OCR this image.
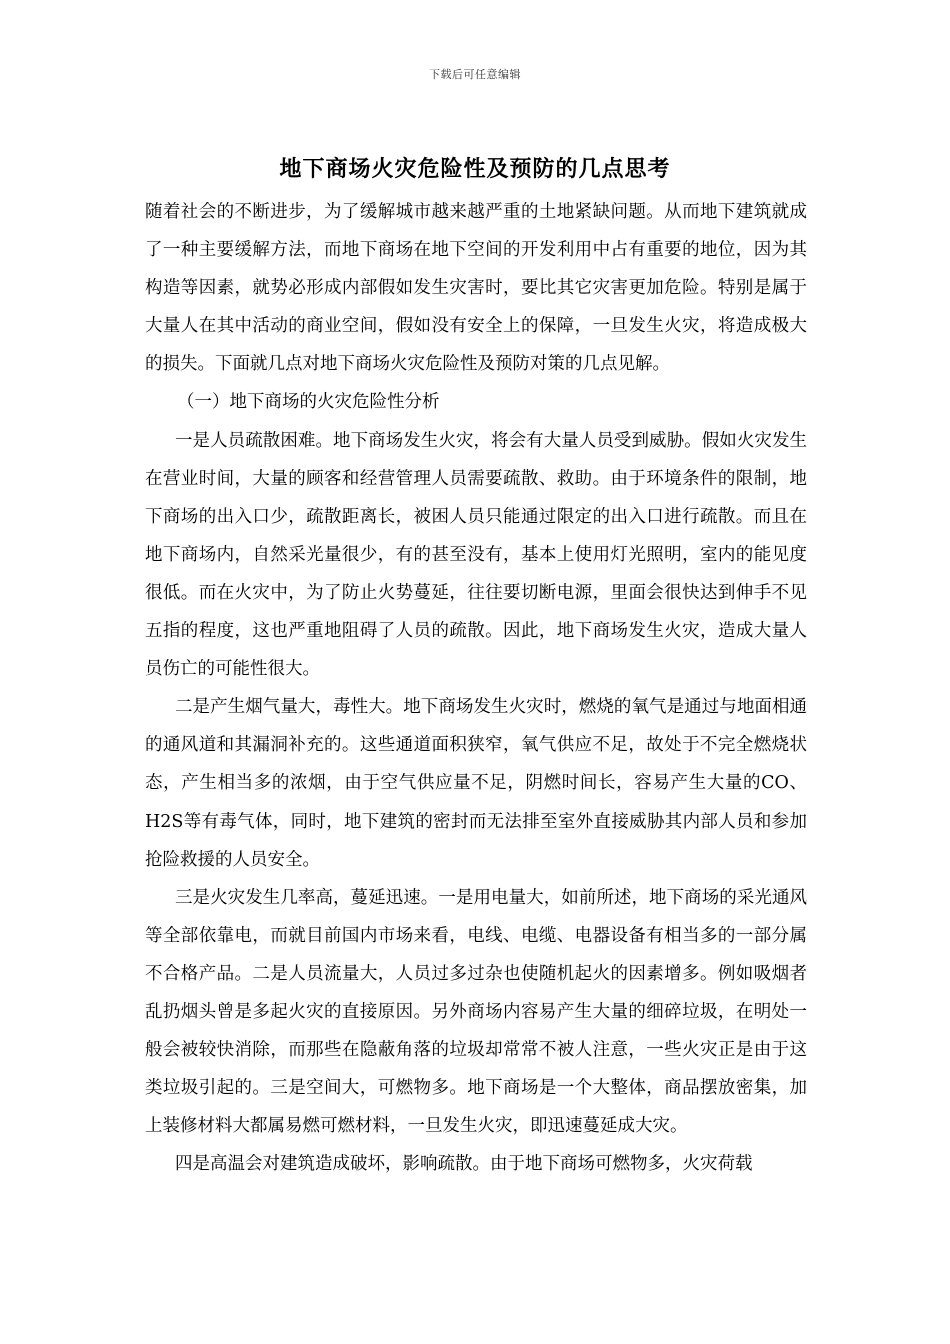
下载后可任意编辑
地下商场火灾危险性及预防的几点思考

随着社会的不断进步，为了缓解城市越来越严重的土地紧缺问题。从而地下建筑就成了一种主要缓解方法，而地下商场在地下空间的开发利用中占有重要的地位，因为其构造等因素，就势必形成内部假如发生灾害时，要比其它灾害更加危险。特别是属于大量人在其中活动的商业空间，假如没有安全上的保障，一旦发生火灾，将造成极大的损失。下面就几点对地下商场火灾危险性及预防对策的几点见解。

（一）地下商场的火灾危险性分析

一是人员疏散困难。地下商场发生火灾，将会有大量人员受到威胁。假如火灾发生在营业时间，大量的顾客和经营管理人员需要疏散、救助。由于环境条件的限制，地下商场的出入口少，疏散距离长，被困人员只能通过限定的出入口进行疏散。而且在地下商场内，自然采光量很少，有的甚至没有，基本上使用灯光照明，室内的能见度很低。而在火灾中，为了防止火势蔓延，往往要切断电源，里面会很快达到伸手不见五指的程度，这也严重地阻碍了人员的疏散。因此，地下商场发生火灾，造成大量人员伤亡的可能性很大。

二是产生烟气量大，毒性大。地下商场发生火灾时，燃烧的氧气是通过与地面相通的通风道和其漏洞补充的。这些通道面积狭窄，氧气供应不足，故处于不完全燃烧状态，产生相当多的浓烟，由于空气供应量不足，阴燃时间长，容易产生大量的CO、H2S等有毒气体，同时，地下建筑的密封而无法排至室外直接威胁其内部人员和参加抢险救援的人员安全。

三是火灾发生几率高，蔓延迅速。一是用电量大，如前所述，地下商场的采光通风等全部依靠电，而就目前国内市场来看，电线、电缆、电器设备有相当多的一部分属不合格产品。二是人员流量大，人员过多过杂也使随机起火的因素增多。例如吸烟者乱扔烟头曾是多起火灾的直接原因。另外商场内容易产生大量的细碎垃圾，在明处一般会被较快消除，而那些在隐蔽角落的垃圾却常常不被人注意，一些火灾正是由于这类垃圾引起的。三是空间大，可燃物多。地下商场是一个大整体，商品摆放密集，加上装修材料大都属易燃可燃材料，一旦发生火灾，即迅速蔓延成大灾。

四是高温会对建筑造成破坏，影响疏散。由于地下商场可燃物多，火灾荷载
